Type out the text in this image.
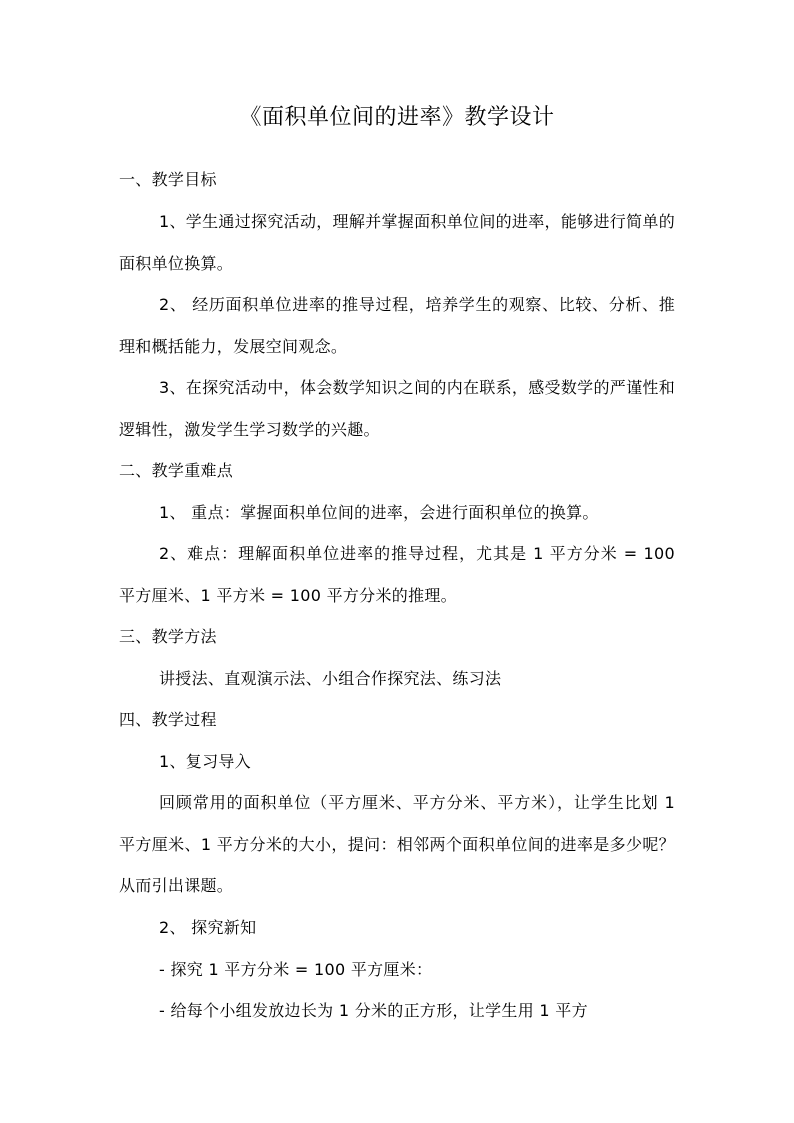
《面积单位间的进率》教学设计

一、教学目标

1、学生通过探究活动，理解并掌握面积单位间的进率，能够进行简单的面积单位换算。

2、 经历面积单位进率的推导过程，培养学生的观察、比较、分析、推理和概括能力，发展空间观念。

3、在探究活动中，体会数学知识之间的内在联系，感受数学的严谨性和逻辑性，激发学生学习数学的兴趣。

二、教学重难点

1、 重点：掌握面积单位间的进率，会进行面积单位的换算。

2、难点：理解面积单位进率的推导过程，尤其是 1 平方分米 = 100 平方厘米、1 平方米 = 100 平方分米的推理。

三、教学方法

讲授法、直观演示法、小组合作探究法、练习法

四、教学过程

1、复习导入

回顾常用的面积单位（平方厘米、平方分米、平方米），让学生比划 1 平方厘米、1 平方分米的大小，提问：相邻两个面积单位间的进率是多少呢？从而引出课题。

2、 探究新知

- 探究 1 平方分米 = 100 平方厘米：

- 给每个小组发放边长为 1 分米的正方形，让学生用 1 平方
